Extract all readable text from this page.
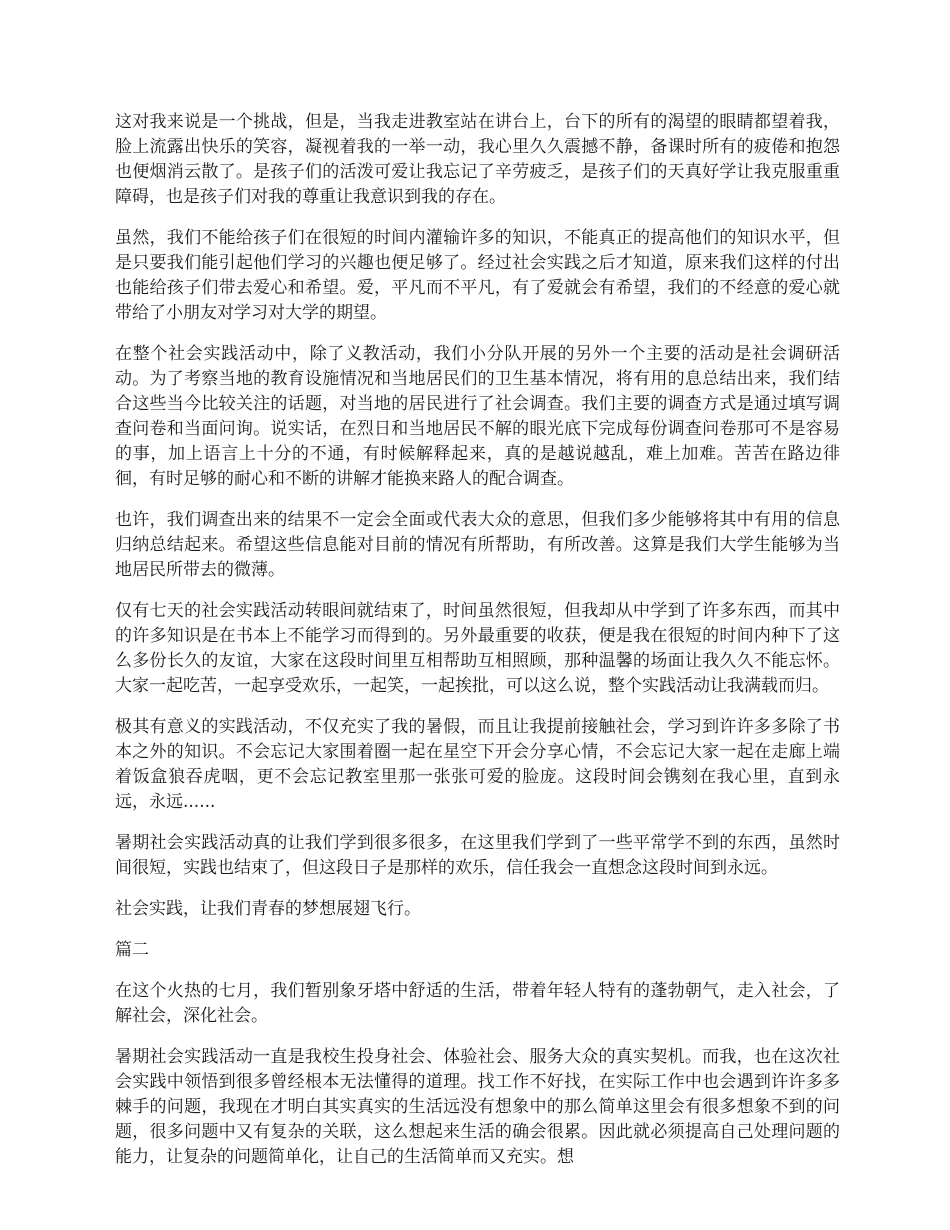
这对我来说是一个挑战，但是，当我走进教室站在讲台上，台下的所有的渴望的眼睛都望着我，脸上流露出快乐的笑容，凝视着我的一举一动，我心里久久震撼不静，备课时所有的疲倦和抱怨也便烟消云散了。是孩子们的活泼可爱让我忘记了辛劳疲乏，是孩子们的天真好学让我克服重重障碍，也是孩子们对我的尊重让我意识到我的存在。

虽然，我们不能给孩子们在很短的时间内灌输许多的知识，不能真正的提高他们的知识水平，但是只要我们能引起他们学习的兴趣也便足够了。经过社会实践之后才知道，原来我们这样的付出也能给孩子们带去爱心和希望。爱，平凡而不平凡，有了爱就会有希望，我们的不经意的爱心就带给了小朋友对学习对大学的期望。

在整个社会实践活动中，除了义教活动，我们小分队开展的另外一个主要的活动是社会调研活动。为了考察当地的教育设施情况和当地居民们的卫生基本情况，将有用的息总结出来，我们结合这些当今比较关注的话题，对当地的居民进行了社会调查。我们主要的调查方式是通过填写调查问卷和当面问询。说实话，在烈日和当地居民不解的眼光底下完成每份调查问卷那可不是容易的事，加上语言上十分的不通，有时候解释起来，真的是越说越乱，难上加难。苦苦在路边徘徊，有时足够的耐心和不断的讲解才能换来路人的配合调查。

也许，我们调查出来的结果不一定会全面或代表大众的意思，但我们多少能够将其中有用的信息归纳总结起来。希望这些信息能对目前的情况有所帮助，有所改善。这算是我们大学生能够为当地居民所带去的微薄。

仅有七天的社会实践活动转眼间就结束了，时间虽然很短，但我却从中学到了许多东西，而其中的许多知识是在书本上不能学习而得到的。另外最重要的收获，便是我在很短的时间内种下了这么多份长久的友谊，大家在这段时间里互相帮助互相照顾，那种温馨的场面让我久久不能忘怀。大家一起吃苦，一起享受欢乐，一起笑，一起挨批，可以这么说，整个实践活动让我满载而归。

极其有意义的实践活动，不仅充实了我的暑假，而且让我提前接触社会，学习到许许多多除了书本之外的知识。不会忘记大家围着圈一起在星空下开会分享心情，不会忘记大家一起在走廊上端着饭盒狼吞虎咽，更不会忘记教室里那一张张可爱的脸庞。这段时间会镌刻在我心里，直到永远，永远......

暑期社会实践活动真的让我们学到很多很多，在这里我们学到了一些平常学不到的东西，虽然时间很短，实践也结束了，但这段日子是那样的欢乐，信任我会一直想念这段时间到永远。

社会实践，让我们青春的梦想展翅飞行。

篇二

在这个火热的七月，我们暂别象牙塔中舒适的生活，带着年轻人特有的蓬勃朝气，走入社会，了解社会，深化社会。

暑期社会实践活动一直是我校生投身社会、体验社会、服务大众的真实契机。而我，也在这次社会实践中领悟到很多曾经根本无法懂得的道理。找工作不好找，在实际工作中也会遇到许许多多棘手的问题，我现在才明白其实真实的生活远没有想象中的那么简单这里会有很多想象不到的问题，很多问题中又有复杂的关联，这么想起来生活的确会很累。因此就必须提高自己处理问题的能力，让复杂的问题简单化，让自己的生活简单而又充实。想
